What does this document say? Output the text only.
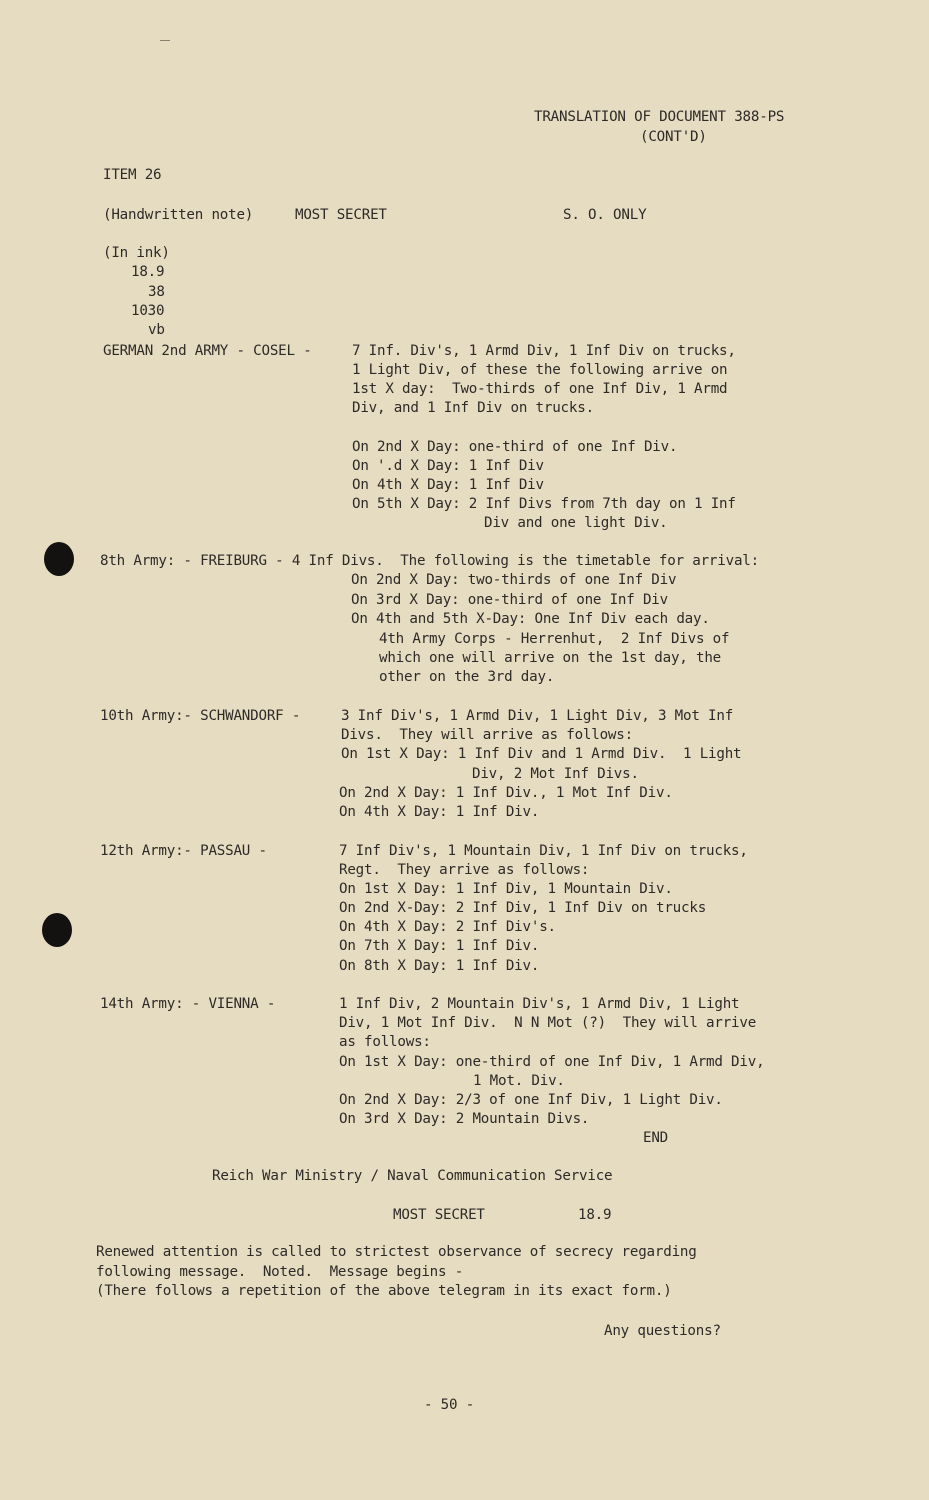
TRANSLATION OF DOCUMENT 388-PS
(CONT'D)
ITEM 26
(Handwritten note)	MOST SECRET	S. O. ONLY
(In ink)
18.9
38
1030
vb
GERMAN 2nd ARMY - COSEL -	7 Inf. Div's, 1 Armd Div, 1 Inf Div on trucks,
1 Light Div, of these the following arrive on
1st X day:  Two-thirds of one Inf Div, 1 Armd
Div, and 1 Inf Div on trucks.
On 2nd X Day: one-third of one Inf Div.
On '.d X Day: 1 Inf Div
On 4th X Day: 1 Inf Div
On 5th X Day: 2 Inf Divs from 7th day on 1 Inf
Div and one light Div.
8th Army: - FREIBURG - 4 Inf Divs.  The following is the timetable for arrival:
On 2nd X Day: two-thirds of one Inf Div
On 3rd X Day: one-third of one Inf Div
On 4th and 5th X-Day: One Inf Div each day.
4th Army Corps - Herrenhut,  2 Inf Divs of
which one will arrive on the 1st day, the
other on the 3rd day.
10th Army:- SCHWANDORF -	3 Inf Div's, 1 Armd Div, 1 Light Div, 3 Mot Inf
Divs.  They will arrive as follows:
On 1st X Day: 1 Inf Div and 1 Armd Div.  1 Light
Div, 2 Mot Inf Divs.
On 2nd X Day: 1 Inf Div., 1 Mot Inf Div.
On 4th X Day: 1 Inf Div.
12th Army:- PASSAU -	7 Inf Div's, 1 Mountain Div, 1 Inf Div on trucks,
Regt.  They arrive as follows:
On 1st X Day: 1 Inf Div, 1 Mountain Div.
On 2nd X-Day: 2 Inf Div, 1 Inf Div on trucks
On 4th X Day: 2 Inf Div's.
On 7th X Day: 1 Inf Div.
On 8th X Day: 1 Inf Div.
14th Army: - VIENNA -	1 Inf Div, 2 Mountain Div's, 1 Armd Div, 1 Light
Div, 1 Mot Inf Div.  N N Mot (?)  They will arrive
as follows:
On 1st X Day: one-third of one Inf Div, 1 Armd Div,
1 Mot. Div.
On 2nd X Day: 2/3 of one Inf Div, 1 Light Div.
On 3rd X Day: 2 Mountain Divs.
END
Reich War Ministry / Naval Communication Service
MOST SECRET	18.9
Renewed attention is called to strictest observance of secrecy regarding
following message.  Noted.  Message begins -
(There follows a repetition of the above telegram in its exact form.)
Any questions?
- 50 -
